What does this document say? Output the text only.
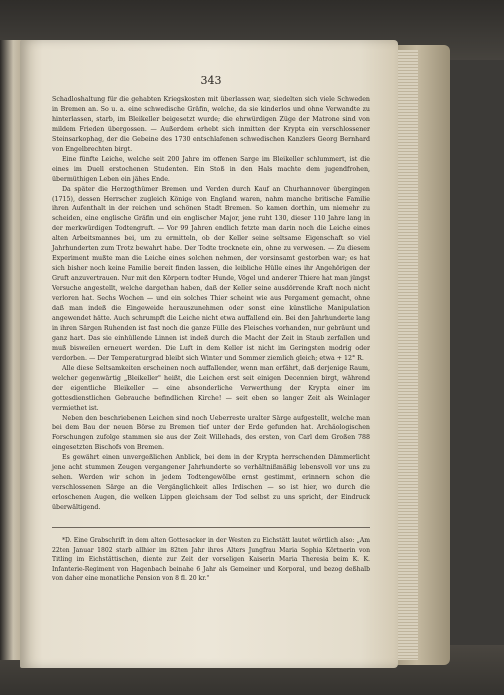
343

Schadloshaltung für die gehabten Kriegskosten mit überlassen war, siedelten sich viele Schweden in Bremen an. So u. a. eine schwedische Gräfin, welche, da sie kinderlos und ohne Verwandte zu hinterlassen, starb, im Bleikeller beigesetzt wurde; die ehrwürdigen Züge der Matrone sind von mildem Frieden übergossen. — Außerdem erhebt sich inmitten der Krypta ein verschlossener Steinsarkophag, der die Gebeine des 1730 entschlafenen schwedischen Kanzlers Georg Bernhard von Engelbrechten birgt.

Eine fünfte Leiche, welche seit 200 Jahre im offenen Sarge im Bleikeller schlummert, ist die eines im Duell erstochenen Studenten. Ein Stoß in den Hals machte dem jugendfrohen, übermüthigen Leben ein jähes Ende.

Da später die Herzogthümer Bremen und Verden durch Kauf an Churhannover übergingen (1715), dessen Herrscher zugleich Könige von England waren, nahm manche britische Familie ihren Aufenthalt in der reichen und schönen Stadt Bremen. So kamen dorthin, um niemehr zu scheiden, eine englische Gräfin und ein englischer Major, jene ruht 130, dieser 110 Jahre lang in der merkwürdigen Todtengruft. — Vor 99 Jahren endlich fetzte man darin noch die Leiche eines alten Arbeitsmannes bei, um zu ermitteln, ob der Keller seine seltsame Eigenschaft so viel Jahrhunderten zum Trotz bewahrt habe. Der Todte trocknete ein, ohne zu verwesen. — Zu diesem Experiment mußte man die Leiche eines solchen nehmen, der vorsinsamt gestorben war; es hat sich bisher noch keine Familie bereit finden lassen, die leibliche Hülle eines ihr Angehörigen der Gruft anzuvertrauen. Nur mit den Körpern todter Hunde, Vögel und anderer Thiere hat man jüngst Versuche angestellt, welche dargethan haben, daß der Keller seine ausdörrende Kraft noch nicht verloren hat. Sechs Wochen — und ein solches Thier scheint wie aus Pergament gemacht, ohne daß man indeß die Eingeweide herauszunehmen oder sonst eine künstliche Manipulation angewendet hätte. Auch schrumpft die Leiche nicht etwa auffallend ein. Bei den Jahrhunderte lang in ihren Särgen Ruhenden ist fast noch die ganze Fülle des Fleisches vorhanden, nur gebräunt und ganz hart. Das sie einhüllende Linnen ist indeß durch die Macht der Zeit in Staub zerfallen und muß bisweilen erneuert werden. Die Luft in dem Keller ist nicht im Geringsten modrig oder verdorben. — Der Temperaturgrad bleibt sich Winter und Sommer ziemlich gleich; etwa + 12° R.

Alle diese Seltsamkeiten erscheinen noch auffallender, wenn man erfährt, daß derjenige Raum, welcher gegenwärtig „Bleikeller" heißt, die Leichen erst seit einigen Decennien birgt, während der eigentliche Bleikeller — eine absonderliche Verwerthung der Krypta einer im gottesdienstlichen Gebrauche befindlichen Kirche! — seit eben so langer Zeit als Weinlager vermiethet ist.

Neben den beschriebenen Leichen sind noch Ueberreste uralter Särge aufgestellt, welche man bei dem Bau der neuen Börse zu Bremen tief unter der Erde gefunden hat. Archäologischen Forschungen zufolge stammen sie aus der Zeit Willehads, des ersten, von Carl dem Großen 788 eingesetzten Bischofs von Bremen.

Es gewährt einen unvergeßlichen Anblick, bei dem in der Krypta herrschenden Dämmerlicht jene acht stummen Zeugen vergangener Jahrhunderte so verhältnißmäßig lebensvoll vor uns zu sehen. Werden wir schon in jedem Todtengewölbe ernst gestimmt, erinnern schon die verschlossenen Särge an die Vergänglichkeit alles Irdischen — so ist hier, wo durch die erloschenen Augen, die welken Lippen gleichsam der Tod selbst zu uns spricht, der Eindruck überwältigend.

*D. Eine Grabschrift in dem alten Gottesacker in der Westen zu Eichstätt lautet wörtlich also: „Am 22ten Januar 1802 starb allhier im 82ten Jahr ihres Alters Jungfrau Maria Sophia Körtnerin von Titling im Eichstättischen, diente zur Zeit der vorseligen Kaiserin Maria Theresia beim K. K. Infanterie-Regiment von Hagenbach beinahe 6 Jahr als Gemeiner und Korporal, und bezog deßhalb von daher eine monatliche Pension von 8 fl. 20 kr."
